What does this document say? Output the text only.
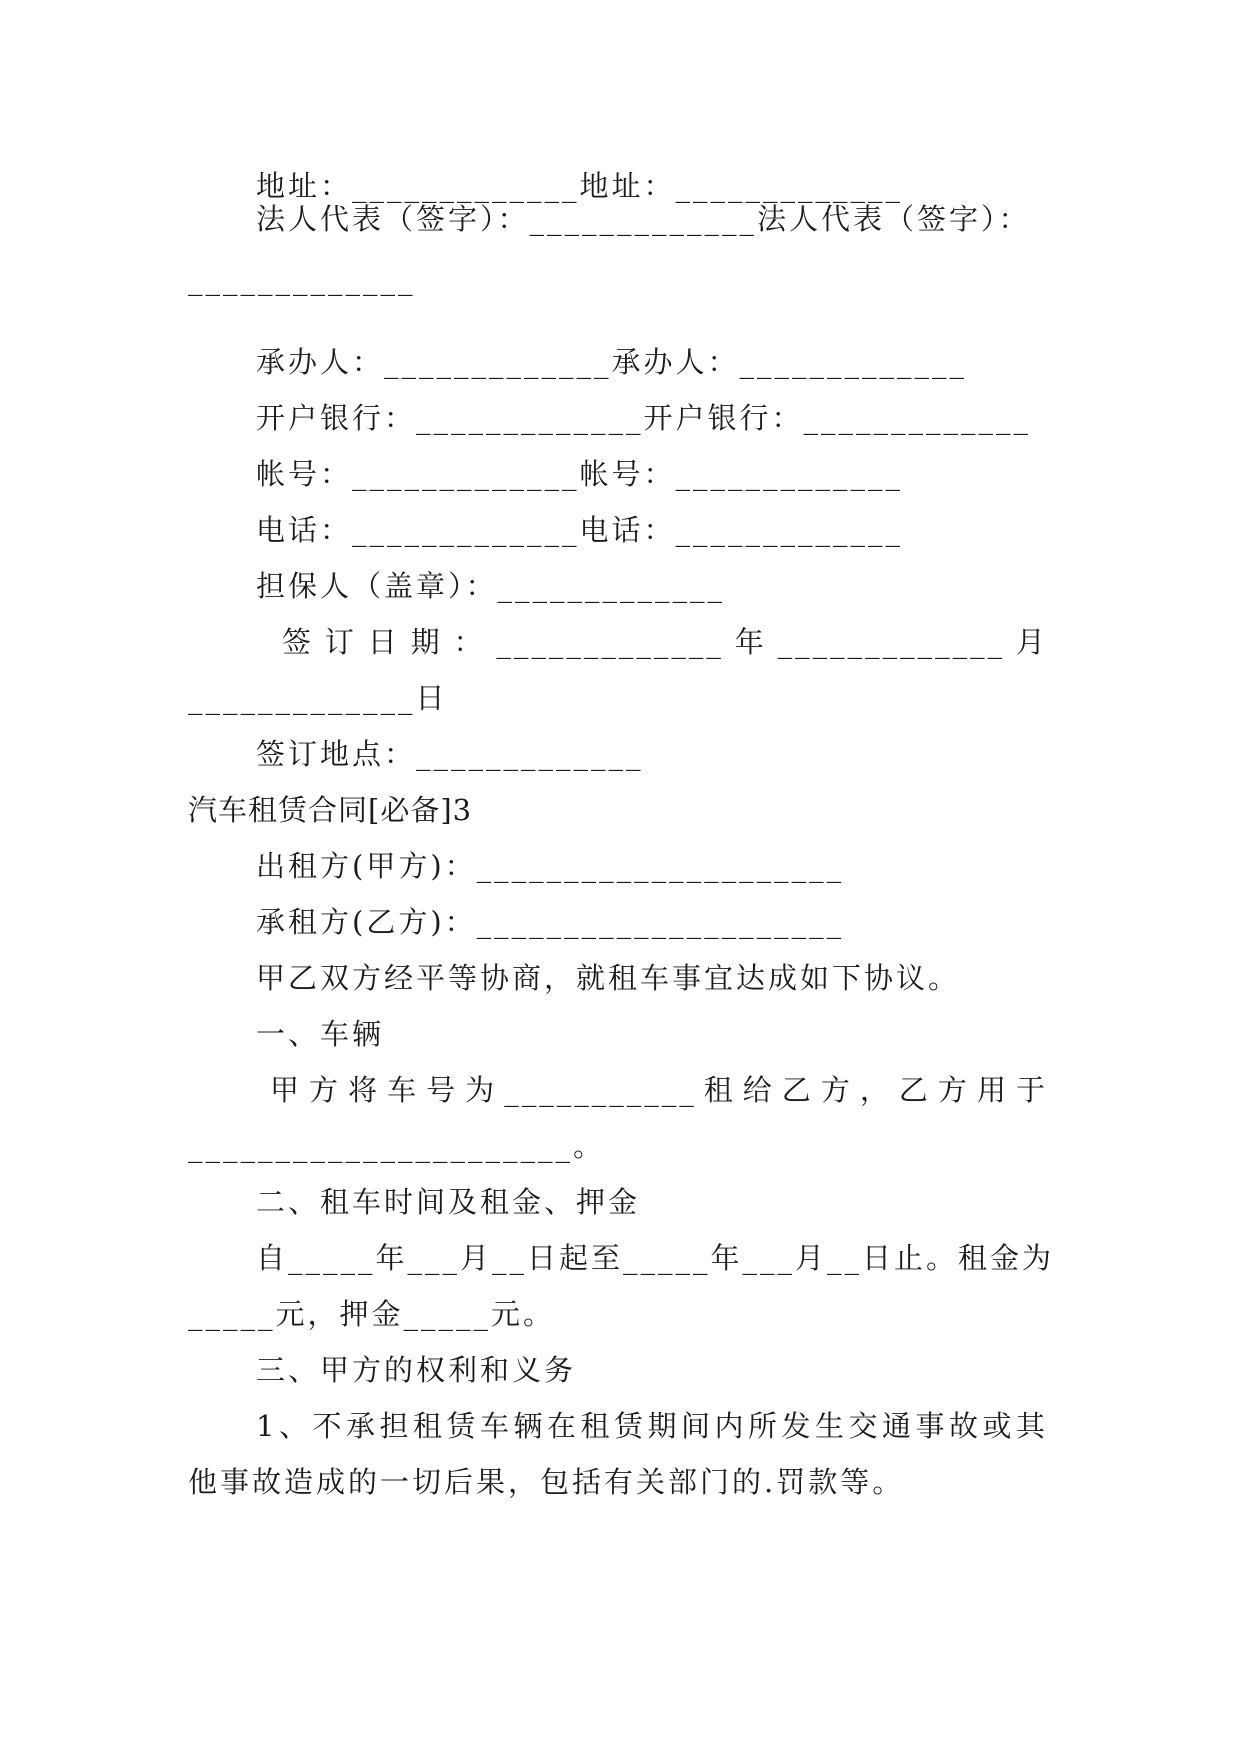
地址：_____________地址：_____________
法人代表（签字）：_____________法人代表（签字）：
_____________
承办人：_____________承办人：_____________
开户银行：_____________开户银行：_____________
帐号：_____________帐号：_____________
电话：_____________电话：_____________
担保人（盖章）：_____________
签订日期：_____________年_____________月
_____________日
签订地点：_____________
汽车租赁合同[必备]3
出租方(甲方)：_____________________
承租方(乙方)：_____________________
甲乙双方经平等协商，就租车事宜达成如下协议。
一、车辆
甲方将车号为___________租给乙方，乙方用于
______________________。
二、租车时间及租金、押金
自_____年___月__日起至_____年___月__日止。租金为
_____元，押金_____元。
三、甲方的权利和义务
1、不承担租赁车辆在租赁期间内所发生交通事故或其
他事故造成的一切后果，包括有关部门的.罚款等。
